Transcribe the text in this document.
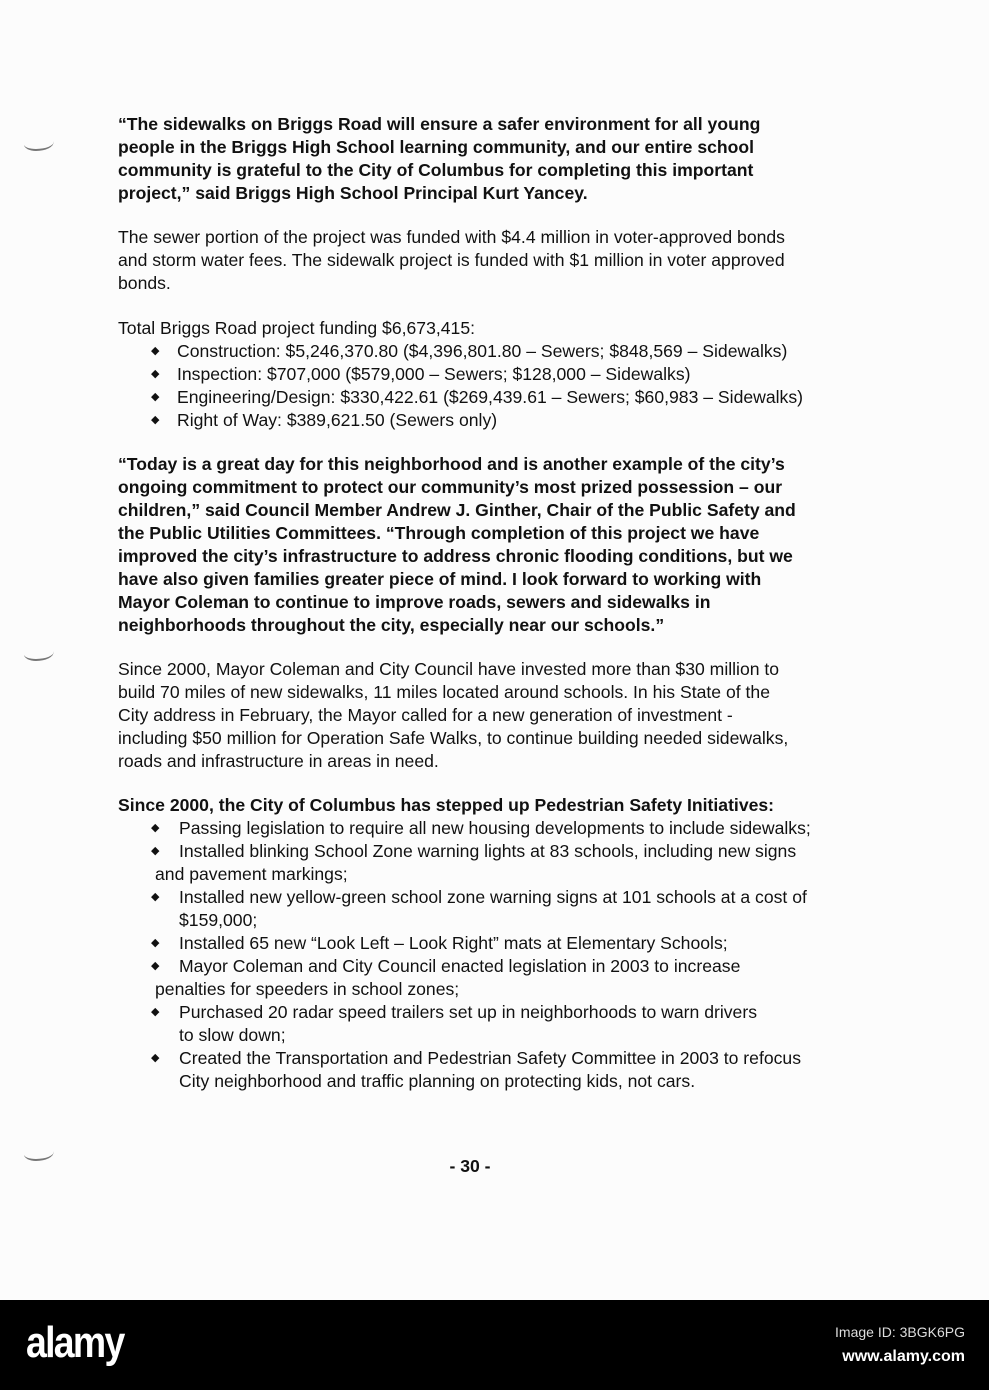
“The sidewalks on Briggs Road will ensure a safer environment for all young
people in the Briggs High School learning community, and our entire school
community is grateful to the City of Columbus for completing this important
project,” said Briggs High School Principal Kurt Yancey.
The sewer portion of the project was funded with $4.4 million in voter-approved bonds
and storm water fees. The sidewalk project is funded with $1 million in voter approved
bonds.
Total Briggs Road project funding $6,673,415:
◆ Construction: $5,246,370.80 ($4,396,801.80 – Sewers; $848,569 – Sidewalks)
◆ Inspection: $707,000 ($579,000 – Sewers; $128,000 – Sidewalks)
◆ Engineering/Design: $330,422.61 ($269,439.61 – Sewers; $60,983 – Sidewalks)
◆ Right of Way: $389,621.50 (Sewers only)
“Today is a great day for this neighborhood and is another example of the city’s
ongoing commitment to protect our community’s most prized possession – our
children,” said Council Member Andrew J. Ginther, Chair of the Public Safety and
the Public Utilities Committees. “Through completion of this project we have
improved the city’s infrastructure to address chronic flooding conditions, but we
have also given families greater piece of mind. I look forward to working with
Mayor Coleman to continue to improve roads, sewers and sidewalks in
neighborhoods throughout the city, especially near our schools.”
Since 2000, Mayor Coleman and City Council have invested more than $30 million to
build 70 miles of new sidewalks, 11 miles located around schools. In his State of the
City address in February, the Mayor called for a new generation of investment -
including $50 million for Operation Safe Walks, to continue building needed sidewalks,
roads and infrastructure in areas in need.
Since 2000, the City of Columbus has stepped up Pedestrian Safety Initiatives:
◆ Passing legislation to require all new housing developments to include sidewalks;
◆ Installed blinking School Zone warning lights at 83 schools, including new signs
and pavement markings;
◆ Installed new yellow-green school zone warning signs at 101 schools at a cost of
$159,000;
◆ Installed 65 new “Look Left – Look Right” mats at Elementary Schools;
◆ Mayor Coleman and City Council enacted legislation in 2003 to increase
penalties for speeders in school zones;
◆ Purchased 20 radar speed trailers set up in neighborhoods to warn drivers
to slow down;
◆ Created the Transportation and Pedestrian Safety Committee in 2003 to refocus
City neighborhood and traffic planning on protecting kids, not cars.
- 30 -
alamy	Image ID: 3BGK6PG
www.alamy.com
